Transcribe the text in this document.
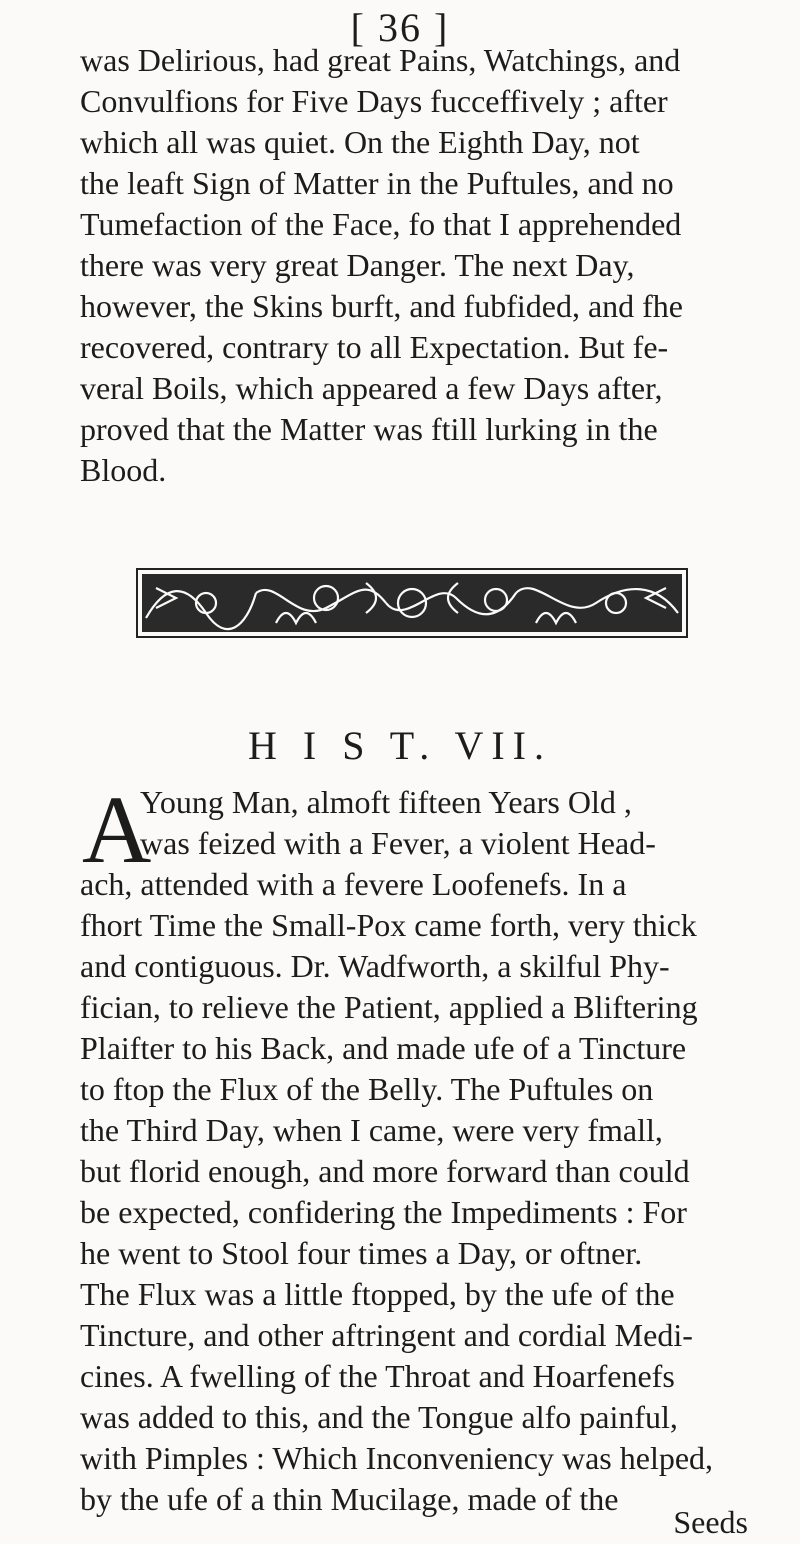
[ 36 ]
was Delirious, had great Pains, Watchings, and
Convulfions for Five Days fucceffively ; after
which all was quiet. On the Eighth Day, not
the leaft Sign of Matter in the Puftules, and no
Tumefaction of the Face, fo that I apprehended
there was very great Danger. The next Day,
however, the Skins burft, and fubfided, and fhe
recovered, contrary to all Expectation. But fe-
veral Boils, which appeared a few Days after,
proved that the Matter was ftill lurking in the
Blood.
H I S T. VII.
A
Young Man, almoft fifteen Years Old ,
was feized with a Fever, a violent Head-
ach, attended with a fevere Loofenefs. In a
fhort Time the Small-Pox came forth, very thick
and contiguous. Dr. Wadfworth, a skilful Phy-
fician, to relieve the Patient, applied a Bliftering
Plaifter to his Back, and made ufe of a Tincture
to ftop the Flux of the Belly. The Puftules on
the Third Day, when I came, were very fmall,
but florid enough, and more forward than could
be expected, confidering the Impediments : For
he went to Stool four times a Day, or oftner.
The Flux was a little ftopped, by the ufe of the
Tincture, and other aftringent and cordial Medi-
cines. A fwelling of the Throat and Hoarfenefs
was added to this, and the Tongue alfo painful,
with Pimples : Which Inconveniency was helped,
by the ufe of a thin Mucilage, made of the
Seeds
